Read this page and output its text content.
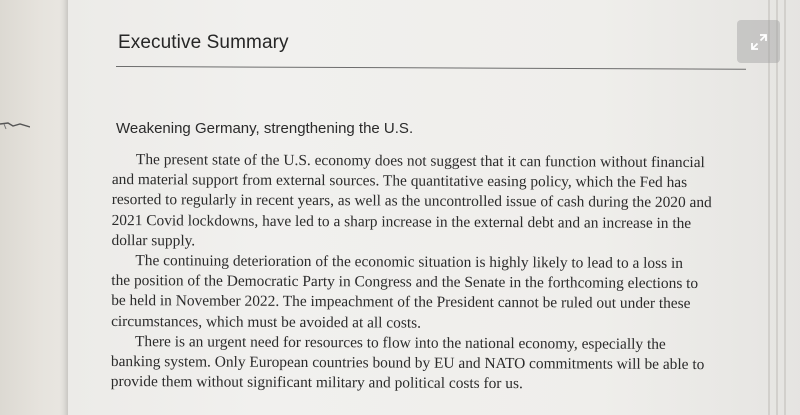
Executive Summary
Weakening Germany, strengthening the U.S.
The present state of the U.S. economy does not suggest that it can function without financial
and material support from external sources. The quantitative easing policy, which the Fed has
resorted to regularly in recent years, as well as the uncontrolled issue of cash during the 2020 and
2021 Covid lockdowns, have led to a sharp increase in the external debt and an increase in the
dollar supply.
The continuing deterioration of the economic situation is highly likely to lead to a loss in
the position of the Democratic Party in Congress and the Senate in the forthcoming elections to
be held in November 2022. The impeachment of the President cannot be ruled out under these
circumstances, which must be avoided at all costs.
There is an urgent need for resources to flow into the national economy, especially the
banking system. Only European countries bound by EU and NATO commitments will be able to
provide them without significant military and political costs for us.
